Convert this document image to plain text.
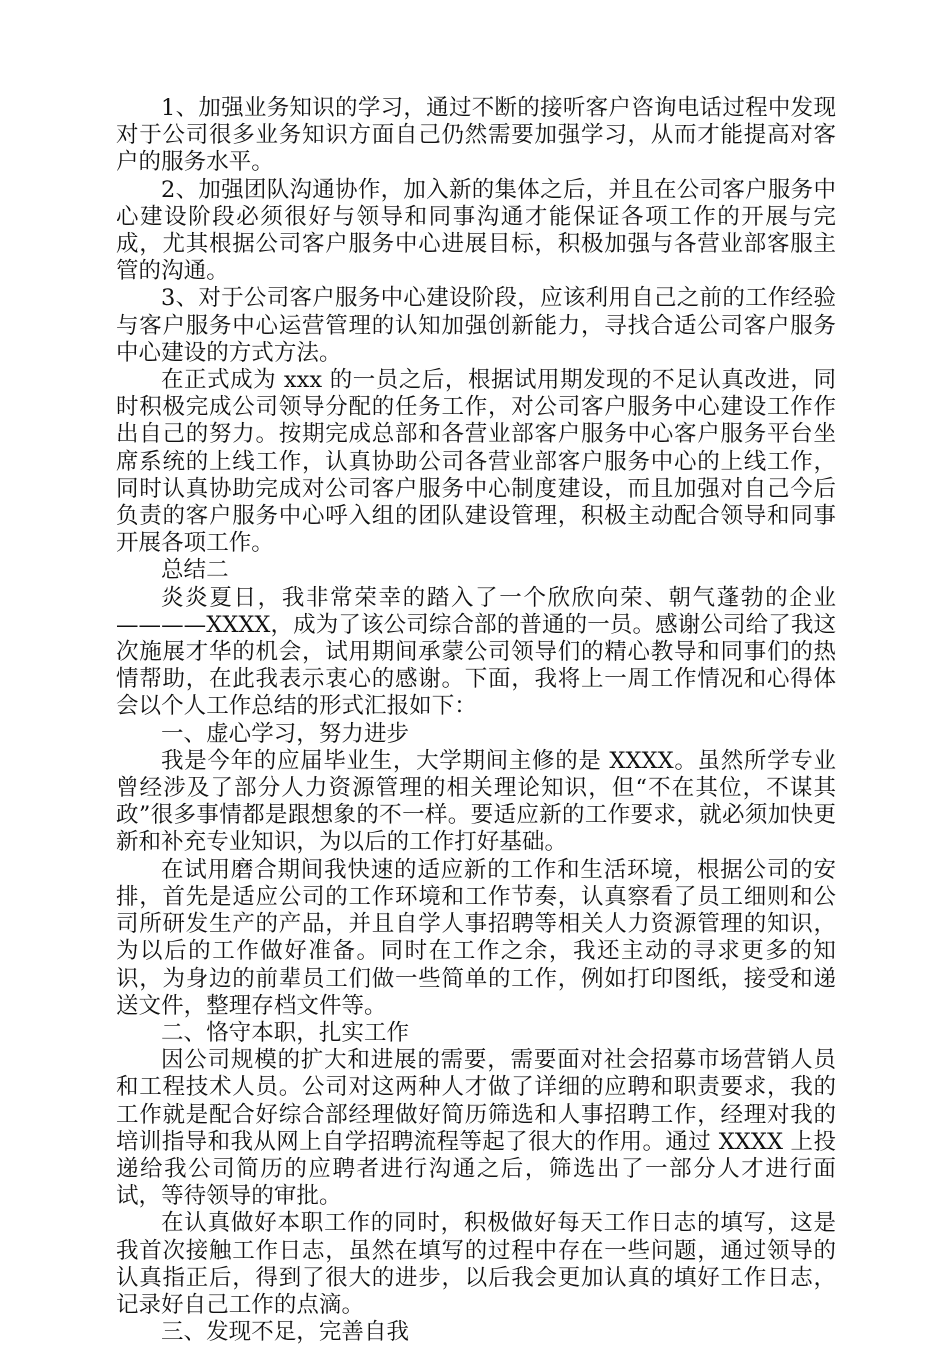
1、加强业务知识的学习，通过不断的接听客户咨询电话过程中发现对于公司很多业务知识方面自己仍然需要加强学习，从而才能提高对客户的服务水平。

2、加强团队沟通协作，加入新的集体之后，并且在公司客户服务中心建设阶段必须很好与领导和同事沟通才能保证各项工作的开展与完成，尤其根据公司客户服务中心进展目标，积极加强与各营业部客服主管的沟通。

3、对于公司客户服务中心建设阶段，应该利用自己之前的工作经验与客户服务中心运营管理的认知加强创新能力，寻找合适公司客户服务中心建设的方式方法。

在正式成为 xxx 的一员之后，根据试用期发现的不足认真改进，同时积极完成公司领导分配的任务工作，对公司客户服务中心建设工作作出自己的努力。按期完成总部和各营业部客户服务中心客户服务平台坐席系统的上线工作，认真协助公司各营业部客户服务中心的上线工作，同时认真协助完成对公司客户服务中心制度建设，而且加强对自己今后负责的客户服务中心呼入组的团队建设管理，积极主动配合领导和同事开展各项工作。

总结二

炎炎夏日，我非常荣幸的踏入了一个欣欣向荣、朝气蓬勃的企业————XXXX，成为了该公司综合部的普通的一员。感谢公司给了我这次施展才华的机会，试用期间承蒙公司领导们的精心教导和同事们的热情帮助，在此我表示衷心的感谢。下面，我将上一周工作情况和心得体会以个人工作总结的形式汇报如下：

一、虚心学习，努力进步

我是今年的应届毕业生，大学期间主修的是 XXXX。虽然所学专业曾经涉及了部分人力资源管理的相关理论知识，但“不在其位，不谋其政”很多事情都是跟想象的不一样。要适应新的工作要求，就必须加快更新和补充专业知识，为以后的工作打好基础。

在试用磨合期间我快速的适应新的工作和生活环境，根据公司的安排，首先是适应公司的工作环境和工作节奏，认真察看了员工细则和公司所研发生产的产品，并且自学人事招聘等相关人力资源管理的知识，为以后的工作做好准备。同时在工作之余，我还主动的寻求更多的知识，为身边的前辈员工们做一些简单的工作，例如打印图纸，接受和递送文件，整理存档文件等。

二、恪守本职，扎实工作

因公司规模的扩大和进展的需要，需要面对社会招募市场营销人员和工程技术人员。公司对这两种人才做了详细的应聘和职责要求，我的工作就是配合好综合部经理做好简历筛选和人事招聘工作，经理对我的培训指导和我从网上自学招聘流程等起了很大的作用。通过 XXXX 上投递给我公司简历的应聘者进行沟通之后，筛选出了一部分人才进行面试，等待领导的审批。

在认真做好本职工作的同时，积极做好每天工作日志的填写，这是我首次接触工作日志，虽然在填写的过程中存在一些问题，通过领导的认真指正后，得到了很大的进步，以后我会更加认真的填好工作日志，记录好自己工作的点滴。

三、发现不足，完善自我
